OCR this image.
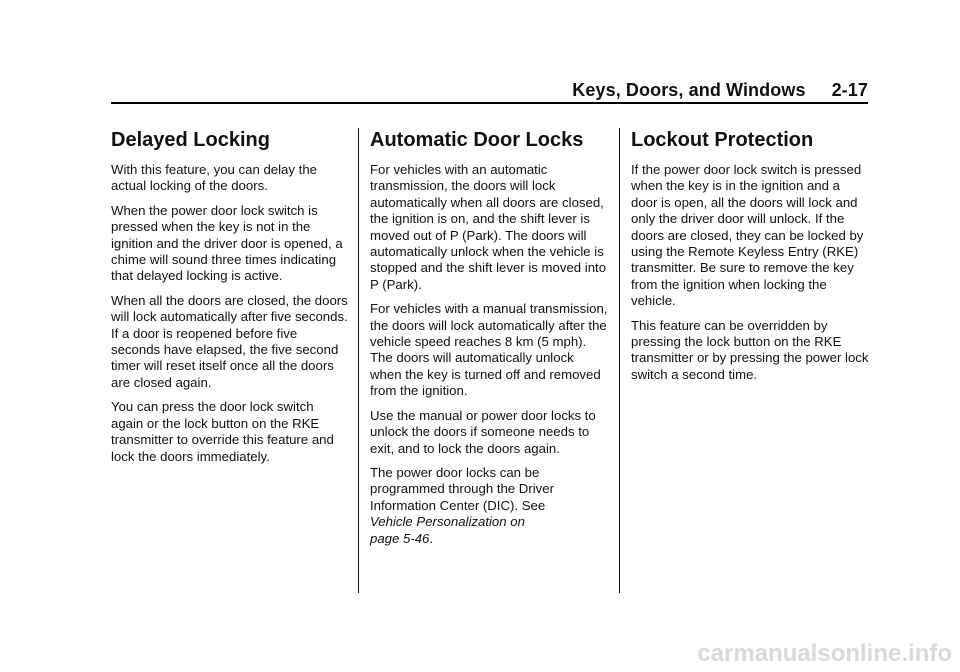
Keys, Doors, and Windows 2-17
Delayed Locking

With this feature, you can delay the actual locking of the doors.

When the power door lock switch is pressed when the key is not in the ignition and the driver door is opened, a chime will sound three times indicating that delayed locking is active.

When all the doors are closed, the doors will lock automatically after five seconds. If a door is reopened before five seconds have elapsed, the five second timer will reset itself once all the doors are closed again.

You can press the door lock switch again or the lock button on the RKE transmitter to override this feature and lock the doors immediately.

Automatic Door Locks

For vehicles with an automatic transmission, the doors will lock automatically when all doors are closed, the ignition is on, and the shift lever is moved out of P (Park). The doors will automatically unlock when the vehicle is stopped and the shift lever is moved into P (Park).

For vehicles with a manual transmission, the doors will lock automatically after the vehicle speed reaches 8 km (5 mph). The doors will automatically unlock when the key is turned off and removed from the ignition.

Use the manual or power door locks to unlock the doors if someone needs to exit, and to lock the doors again.

The power door locks can be programmed through the Driver Information Center (DIC). See
Vehicle Personalization on
page 5-46.

Lockout Protection

If the power door lock switch is pressed when the key is in the ignition and a door is open, all the doors will lock and only the driver door will unlock. If the doors are closed, they can be locked by using the Remote Keyless Entry (RKE) transmitter. Be sure to remove the key from the ignition when locking the vehicle.

This feature can be overridden by pressing the lock button on the RKE transmitter or by pressing the power lock switch a second time.

carmanualsonline.info
